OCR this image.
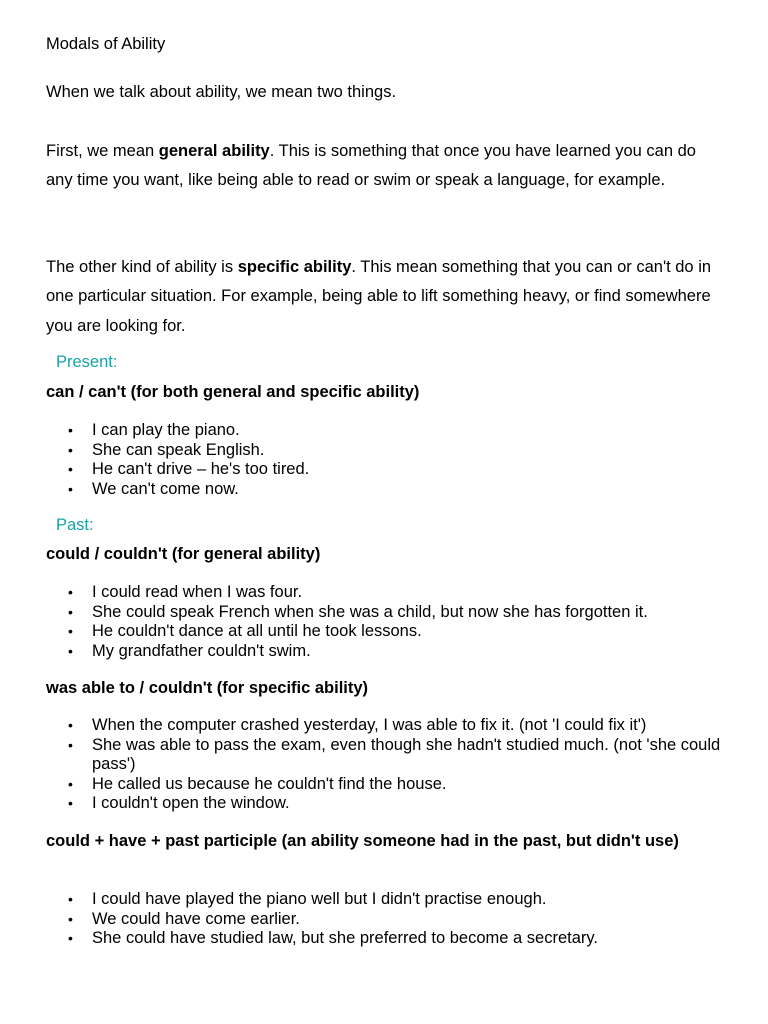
Modals of Ability
When we talk about ability, we mean two things.
First, we mean general ability. This is something that once you have learned you can do any time you want, like being able to read or swim or speak a language, for example.
The other kind of ability is specific ability. This mean something that you can or can't do in one particular situation. For example, being able to lift something heavy, or find somewhere you are looking for.
Present:
can / can't (for both general and specific ability)
• I can play the piano.
• She can speak English.
• He can't drive – he's too tired.
• We can't come now.
Past:
could / couldn't (for general ability)
• I could read when I was four.
• She could speak French when she was a child, but now she has forgotten it.
• He couldn't dance at all until he took lessons.
• My grandfather couldn't swim.
was able to / couldn't (for specific ability)
• When the computer crashed yesterday, I was able to fix it. (not 'I could fix it')
• She was able to pass the exam, even though she hadn't studied much. (not 'she could pass')
• He called us because he couldn't find the house.
• I couldn't open the window.
could + have + past participle (an ability someone had in the past, but didn't use)
• I could have played the piano well but I didn't practise enough.
• We could have come earlier.
• She could have studied law, but she preferred to become a secretary.
